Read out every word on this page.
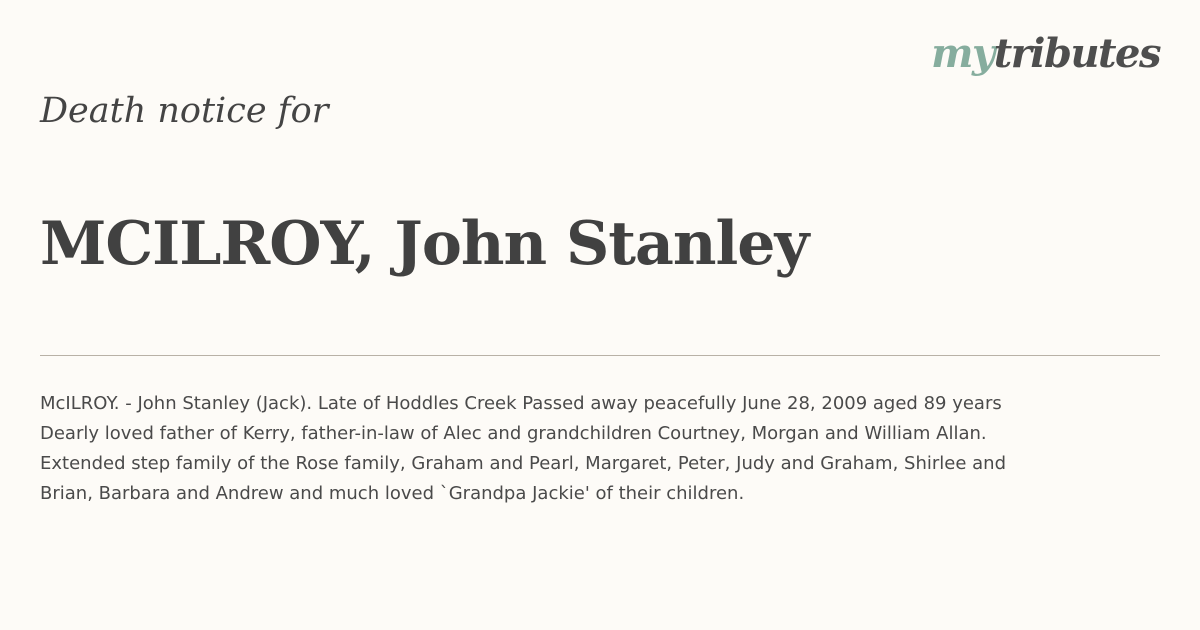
mytributes
Death notice for
MCILROY, John Stanley

McILROY. - John Stanley (Jack). Late of Hoddles Creek Passed away peacefully June 28, 2009 aged 89 years
Dearly loved father of Kerry, father-in-law of Alec and grandchildren Courtney, Morgan and William Allan.
Extended step family of the Rose family, Graham and Pearl, Margaret, Peter, Judy and Graham, Shirlee and
Brian, Barbara and Andrew and much loved `Grandpa Jackie' of their children.
